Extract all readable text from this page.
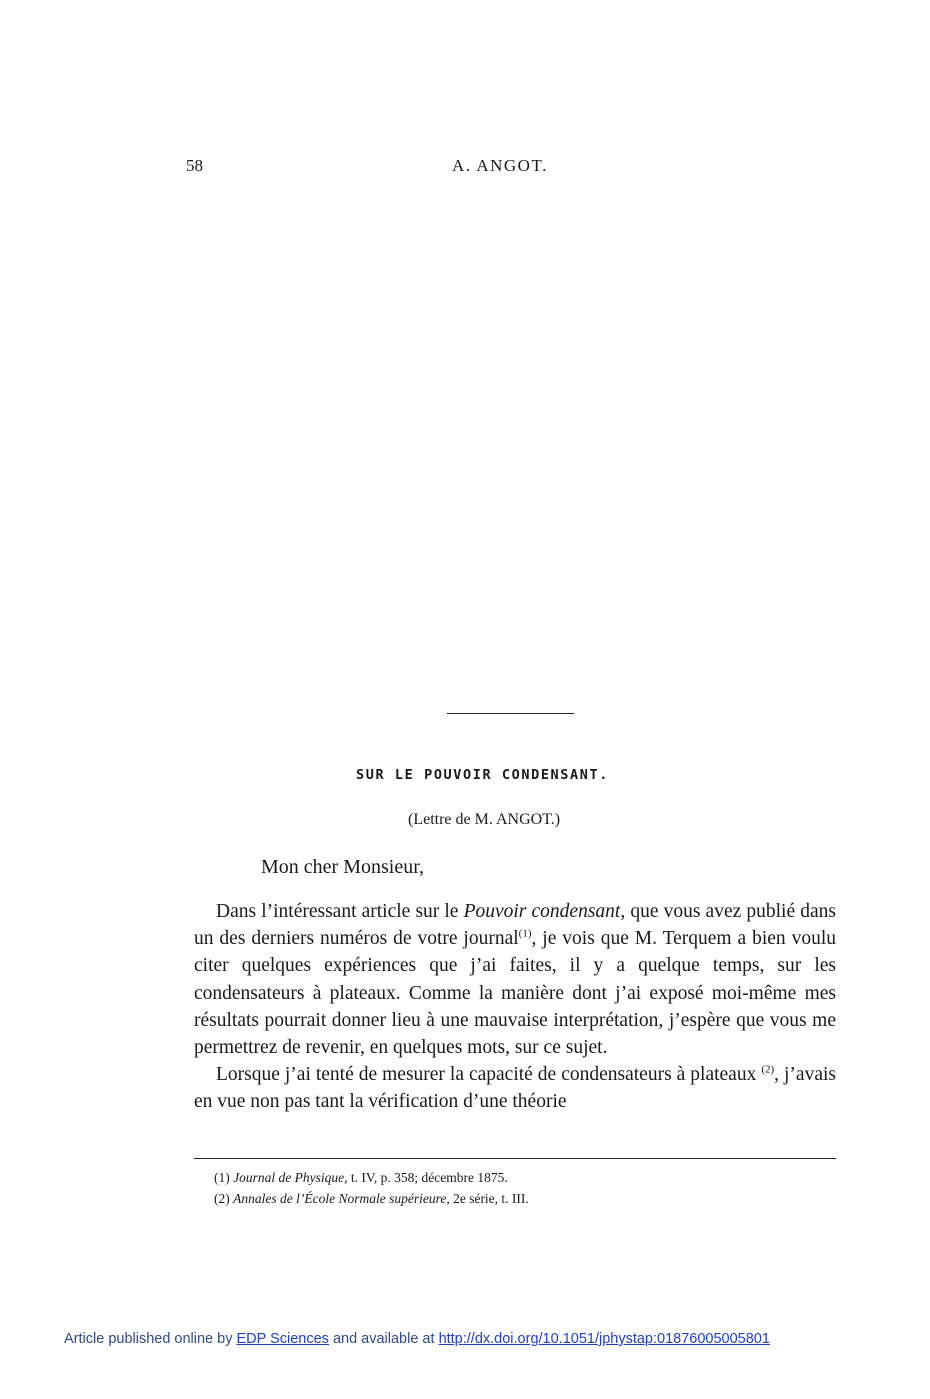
58	A. ANGOT.
SUR LE POUVOIR CONDENSANT.
(Lettre de M. ANGOT.)
Mon cher Monsieur,

Dans l’intéressant article sur le Pouvoir condensant, que vous avez publié dans un des derniers numéros de votre journal$^{(1)}$, je vois que M. Terquem a bien voulu citer quelques expériences que j’ai faites, il y a quelque temps, sur les condensateurs à plateaux. Comme la manière dont j’ai exposé moi-même mes résultats pourrait donner lieu à une mauvaise interprétation, j’espère que vous me permettrez de revenir, en quelques mots, sur ce sujet.

Lorsque j’ai tenté de mesurer la capacité de condensateurs à plateaux $^{(2)}$, j’avais en vue non pas tant la vérification d’une théorie

(1) Journal de Physique, t. IV, p. 358; décembre 1875.
(2) Annales de l’École Normale supérieure, 2e série, t. III.
Article published online by EDP Sciences and available at http://dx.doi.org/10.1051/jphystap:01876005005801
